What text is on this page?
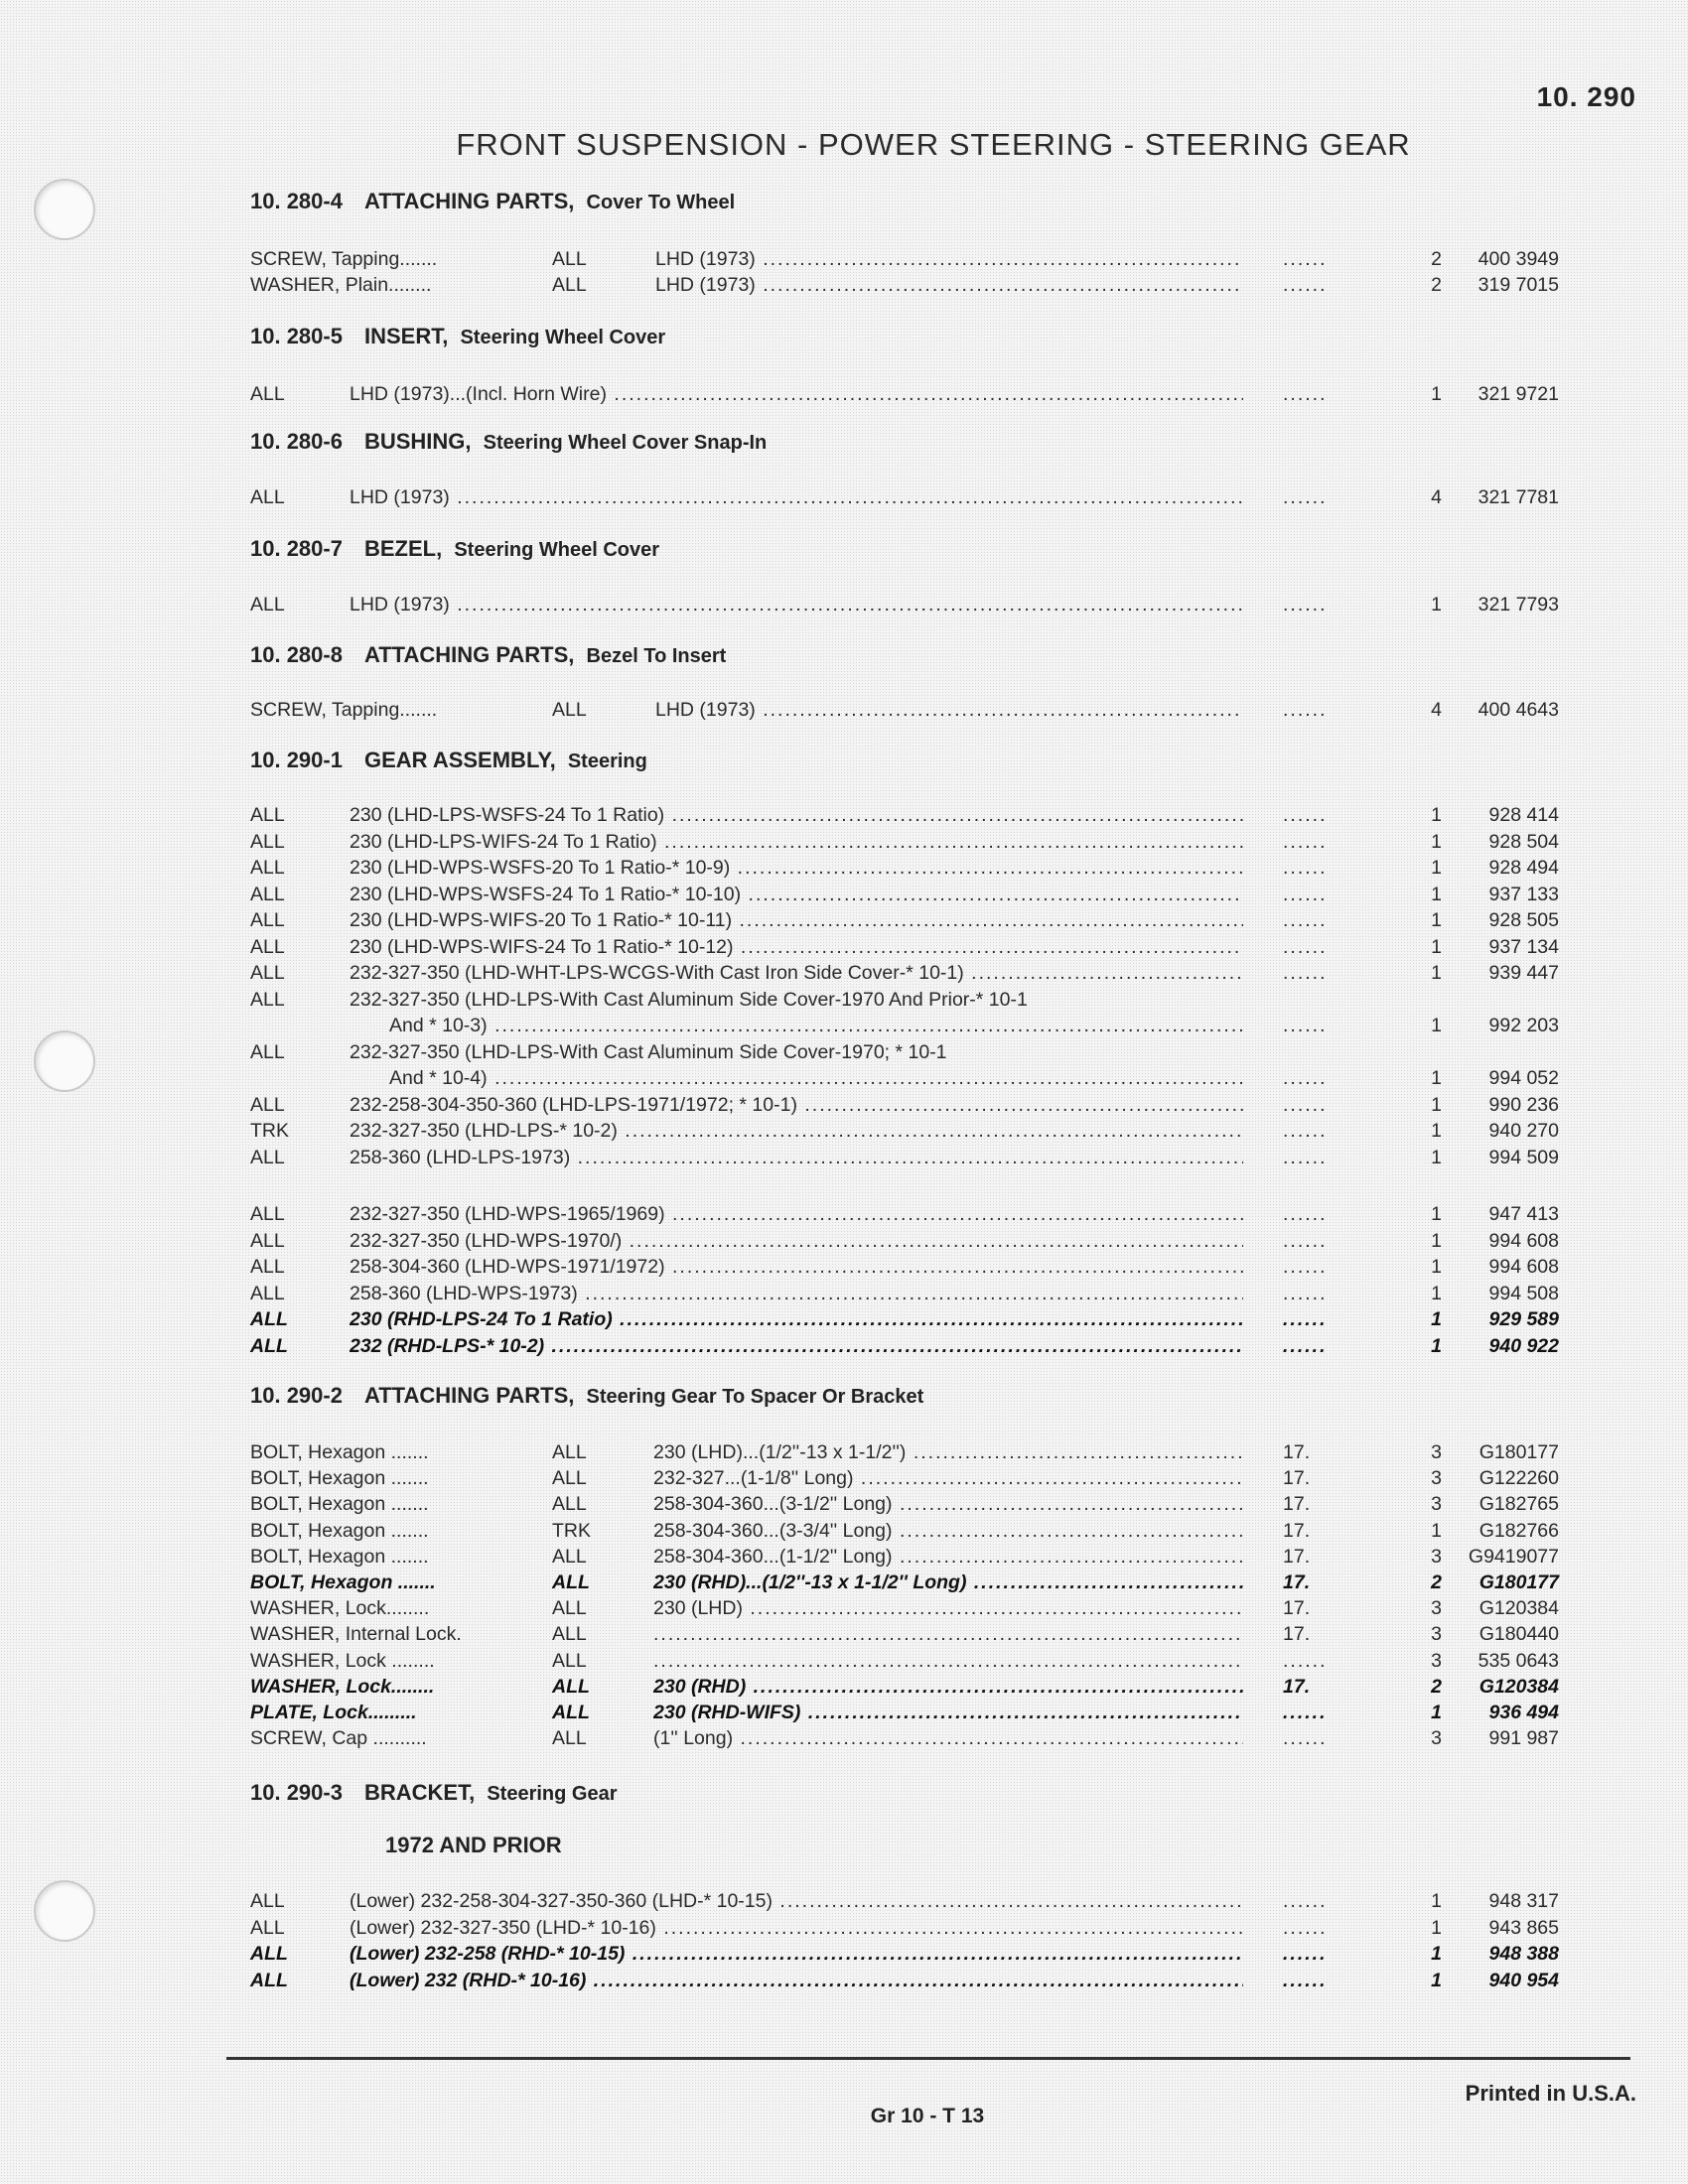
10. 290
FRONT SUSPENSION - POWER STEERING - STEERING GEAR
10. 280-4 ATTACHING PARTS, Cover To Wheel
10. 280-5 INSERT, Steering Wheel Cover
10. 280-6 BUSHING, Steering Wheel Cover Snap-In
10. 280-7 BEZEL, Steering Wheel Cover
10. 280-8 ATTACHING PARTS, Bezel To Insert
10. 290-1 GEAR ASSEMBLY, Steering
10. 290-2 ATTACHING PARTS, Steering Gear To Spacer Or Bracket
10. 290-3 BRACKET, Steering Gear
1972 AND PRIOR
SCREW, Tapping.......	ALL	LHD (1973) ..... ......	2	400 3949
WASHER, Plain........	ALL	LHD (1973) ..... ......	2	319 7015
ALL	LHD (1973)...(Incl. Horn Wire) ..... ......	1	321 9721
ALL	LHD (1973) ..... ......	4	321 7781
ALL	LHD (1973) ..... ......	1	321 7793
SCREW, Tapping.......	ALL	LHD (1973) ..... ......	4	400 4643
ALL	230 (LHD-LPS-WSFS-24 To 1 Ratio) ..... ......	1	928 414
ALL	230 (LHD-LPS-WIFS-24 To 1 Ratio) ..... ......	1	928 504
ALL	230 (LHD-WPS-WSFS-20 To 1 Ratio-* 10-9) ..... ......	1	928 494
ALL	230 (LHD-WPS-WSFS-24 To 1 Ratio-* 10-10) ..... ......	1	937 133
ALL	230 (LHD-WPS-WIFS-20 To 1 Ratio-* 10-11) ..... ......	1	928 505
ALL	230 (LHD-WPS-WIFS-24 To 1 Ratio-* 10-12) ..... ......	1	937 134
ALL	232-327-350 (LHD-WHT-LPS-WCGS-With Cast Iron Side Cover-* 10-1) ..... ......	1	939 447
ALL	232-327-350 (LHD-LPS-With Cast Aluminum Side Cover-1970 And Prior-* 10-1
And * 10-3) ..... ......	1	992 203
ALL	232-327-350 (LHD-LPS-With Cast Aluminum Side Cover-1970; * 10-1
And * 10-4) ..... ......	1	994 052
ALL	232-258-304-350-360 (LHD-LPS-1971/1972; * 10-1) ..... ......	1	990 236
TRK	232-327-350 (LHD-LPS-* 10-2) ..... ......	1	940 270
ALL	258-360 (LHD-LPS-1973) ..... ......	1	994 509
ALL	232-327-350 (LHD-WPS-1965/1969) ..... ......	1	947 413
ALL	232-327-350 (LHD-WPS-1970/) ..... ......	1	994 608
ALL	258-304-360 (LHD-WPS-1971/1972) ..... ......	1	994 608
ALL	258-360 (LHD-WPS-1973) ..... ......	1	994 508
ALL	230 (RHD-LPS-24 To 1 Ratio) ..... ......	1	929 589
ALL	232 (RHD-LPS-* 10-2) ..... ......	1	940 922
BOLT, Hexagon .......	ALL	230 (LHD)...(1/2''-13 x 1-1/2'') .....	17.	3	G180177
BOLT, Hexagon .......	ALL	232-327...(1-1/8'' Long) .....	17.	3	G122260
BOLT, Hexagon .......	ALL	258-304-360...(3-1/2'' Long) .....	17.	3	G182765
BOLT, Hexagon .......	TRK	258-304-360...(3-3/4'' Long) .....	17.	1	G182766
BOLT, Hexagon .......	ALL	258-304-360...(1-1/2'' Long) .....	17.	3	G9419077
BOLT, Hexagon .......	ALL	230 (RHD)...(1/2''-13 x 1-1/2'' Long) .....	17.	2	G180177
WASHER, Lock........	ALL	230 (LHD) .....	17.	3	G120384
WASHER, Internal Lock.	ALL .....	17.	3	G180440
WASHER, Lock ........	ALL ..... ......	3	535 0643
WASHER, Lock........	ALL	230 (RHD) .....	17.	2	G120384
PLATE, Lock.........	ALL	230 (RHD-WIFS) ..... ......	1	936 494
SCREW, Cap ..........	ALL	(1'' Long) ..... ......	3	991 987
ALL	(Lower) 232-258-304-327-350-360 (LHD-* 10-15) ..... ......	1	948 317
ALL	(Lower) 232-327-350 (LHD-* 10-16) ..... ......	1	943 865
ALL	(Lower) 232-258 (RHD-* 10-15) ..... ......	1	948 388
ALL	(Lower) 232 (RHD-* 10-16) ..... ......	1	940 954
Printed in U.S.A.
Gr 10 - T 13
